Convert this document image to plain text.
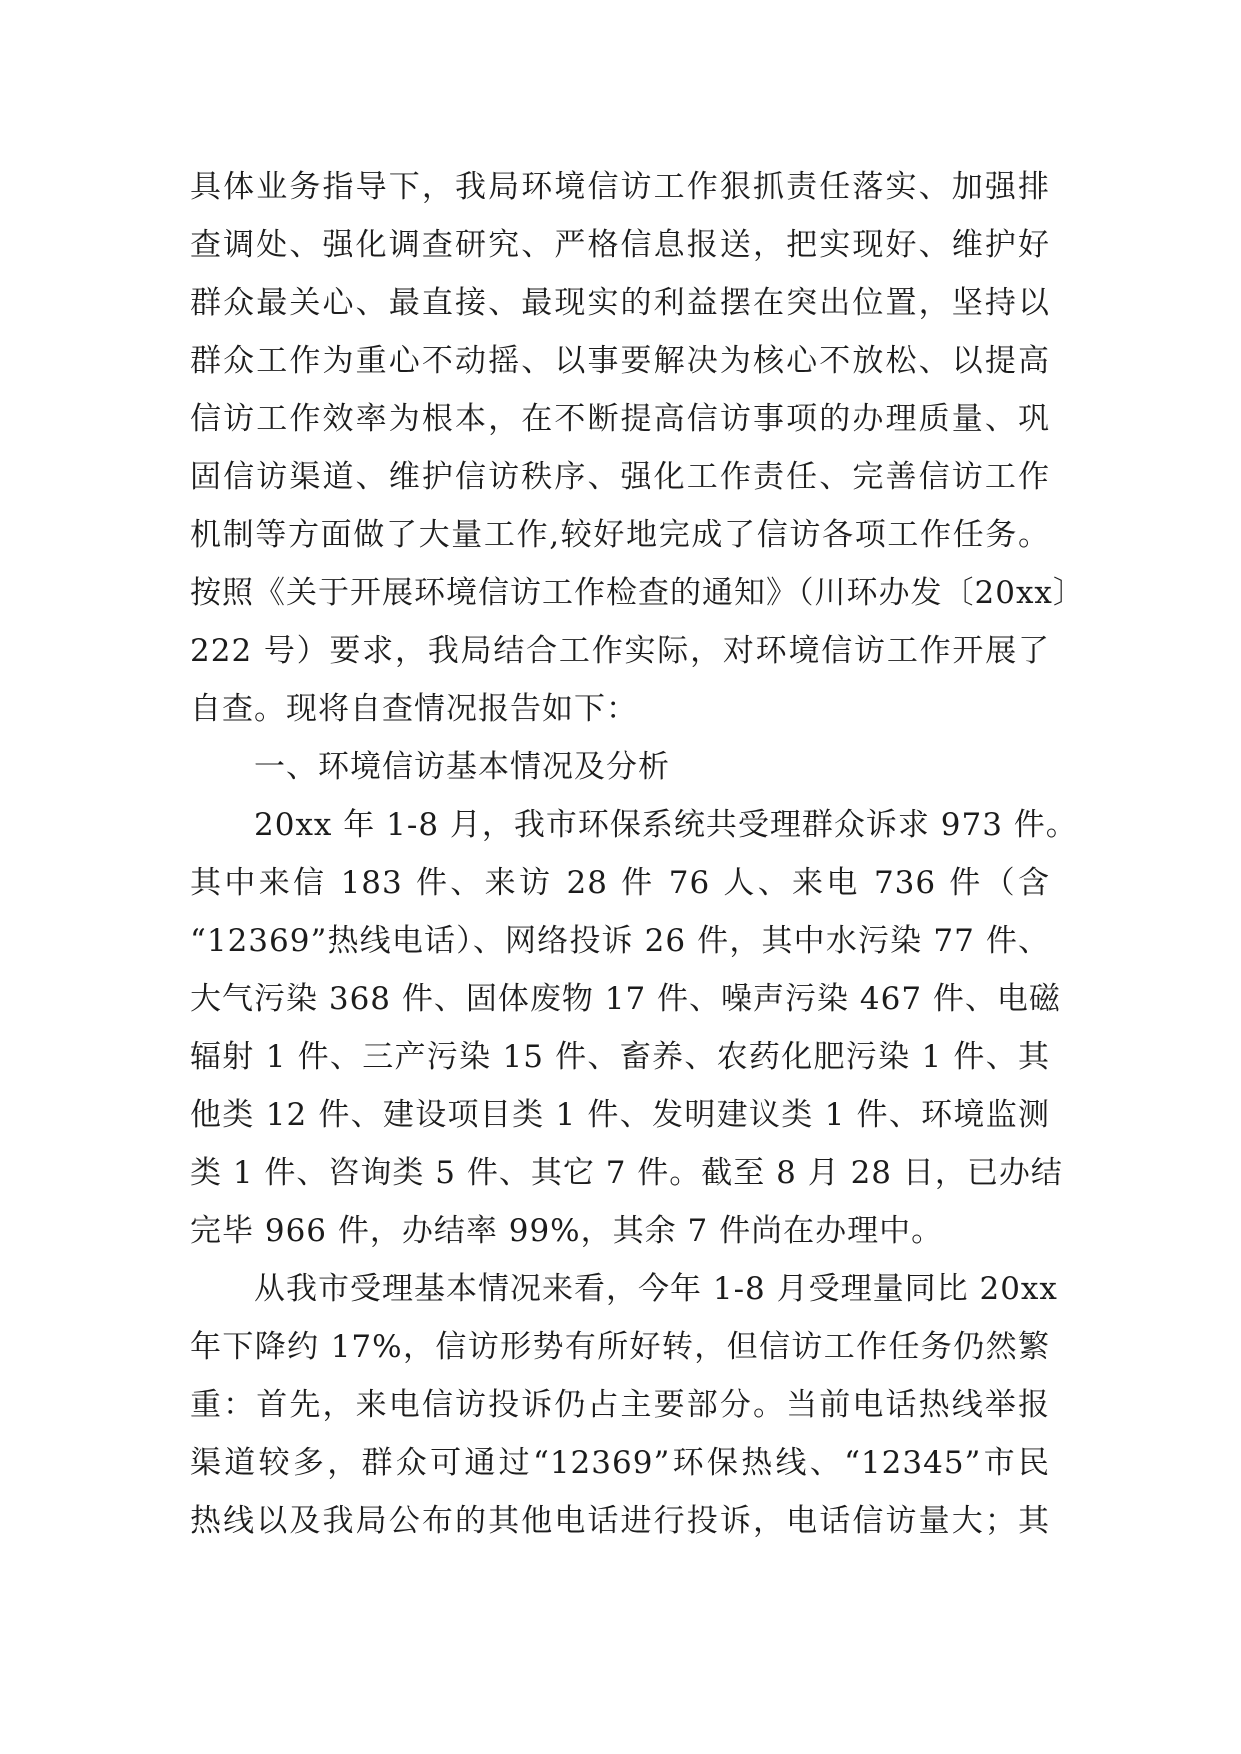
具体业务指导下，我局环境信访工作狠抓责任落实、加强排
查调处、强化调查研究、严格信息报送，把实现好、维护好
群众最关心、最直接、最现实的利益摆在突出位置，坚持以
群众工作为重心不动摇、以事要解决为核心不放松、以提高
信访工作效率为根本，在不断提高信访事项的办理质量、巩
固信访渠道、维护信访秩序、强化工作责任、完善信访工作
机制等方面做了大量工作,较好地完成了信访各项工作任务。
按照《关于开展环境信访工作检查的通知》（川环办发〔20xx〕
222 号）要求，我局结合工作实际，对环境信访工作开展了
自查。现将自查情况报告如下：
一、环境信访基本情况及分析
20xx 年 1-8 月，我市环保系统共受理群众诉求 973 件。
其中来信 183 件、来访 28 件 76 人、来电 736 件（含
“12369”热线电话）、网络投诉 26 件，其中水污染 77 件、
大气污染 368 件、固体废物 17 件、噪声污染 467 件、电磁
辐射 1 件、三产污染 15 件、畜养、农药化肥污染 1 件、其
他类 12 件、建设项目类 1 件、发明建议类 1 件、环境监测
类 1 件、咨询类 5 件、其它 7 件。截至 8 月 28 日，已办结
完毕 966 件，办结率 99%，其余 7 件尚在办理中。
从我市受理基本情况来看，今年 1-8 月受理量同比 20xx
年下降约 17%，信访形势有所好转，但信访工作任务仍然繁
重：首先，来电信访投诉仍占主要部分。当前电话热线举报
渠道较多，群众可通过“12369”环保热线、“12345”市民
热线以及我局公布的其他电话进行投诉，电话信访量大；其
